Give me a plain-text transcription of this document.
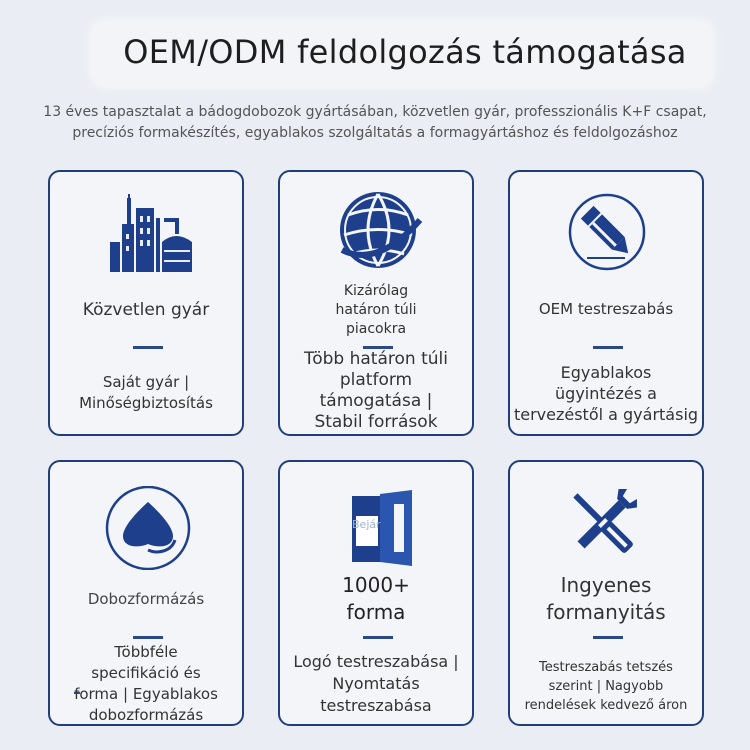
OEM/ODM feldolgozás támogatása
13 éves tapasztalat a bádogdobozok gyártásában, közvetlen gyár, professzionális K+F csapat,
precíziós formakészítés, egyablakos szolgáltatás a formagyártáshoz és feldolgozáshoz
Közvetlen gyár
Saját gyár |
Minőségbiztosítás
Kizárólag
határon túli
piacokra
Több határon túli
platform
támogatása |
Stabil források
OEM testreszabás
Egyablakos
ügyintézés a
tervezéstől a gyártásig
Dobozformázás
Többféle
specifikáció és
forma | Egyablakos
dobozformázás
Bejár
1000+
forma
Logó testreszabása |
Nyomtatás
testreszabása
Ingyenes
formanyitás
Testreszabás tetszés
szerint | Nagyobb
rendelések kedvező áron
